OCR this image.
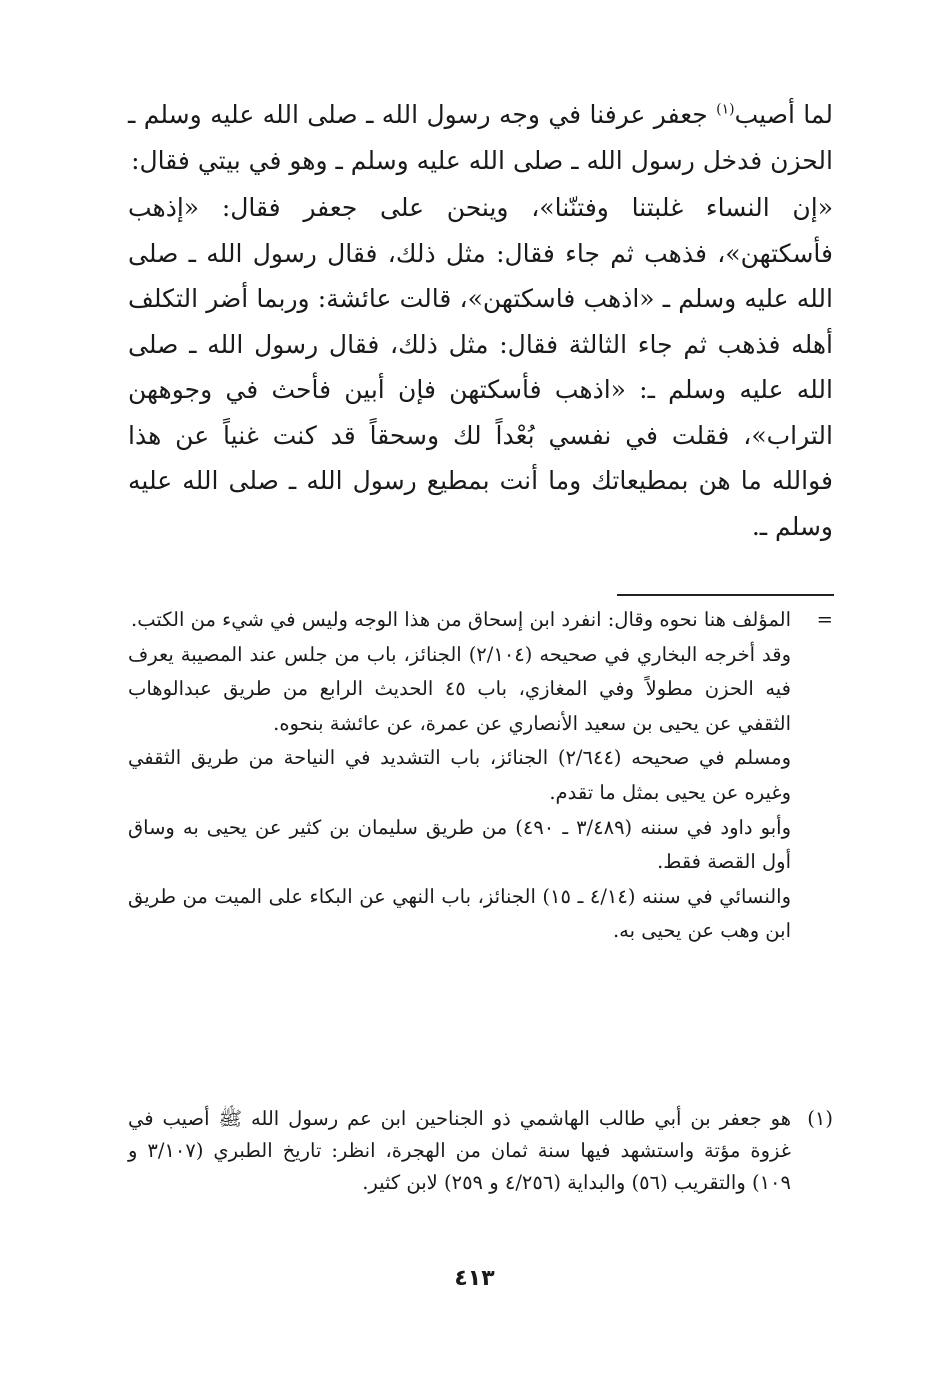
لما أصيب$^{(١)}$ جعفر عرفنا في وجه رسول الله ـ صلى الله عليه وسلم ـ الحزن فدخل رسول الله ـ صلى الله عليه وسلم ـ وهو في بيتي فقال:

«إن النساء غلبتنا وفتنّنا»، وينحن على جعفر فقال: «إذهب فأسكتهن»، فذهب ثم جاء فقال: مثل ذلك، فقال رسول الله ـ صلى الله عليه وسلم ـ «اذهب فاسكتهن»، قالت عائشة: وربما أضر التكلف أهله فذهب ثم جاء الثالثة فقال: مثل ذلك، فقال رسول الله ـ صلى الله عليه وسلم ـ: «اذهب فأسكتهن فإن أبين فأحث في وجوههن التراب»، فقلت في نفسي بُعْداً لك وسحقاً قد كنت غنياً عن هذا فوالله ما هن بمطيعاتك وما أنت بمطيع رسول الله ـ صلى الله عليه وسلم ـ.

=

المؤلف هنا نحوه وقال: انفرد ابن إسحاق من هذا الوجه وليس في شيء من الكتب.

وقد أخرجه البخاري في صحيحه (٢/١٠٤) الجنائز، باب من جلس عند المصيبة يعرف فيه الحزن مطولاً وفي المغازي، باب ٤٥ الحديث الرابع من طريق عبدالوهاب الثقفي عن يحيى بن سعيد الأنصاري عن عمرة، عن عائشة بنحوه.

ومسلم في صحيحه (٢/٦٤٤) الجنائز، باب التشديد في النياحة من طريق الثقفي وغيره عن يحيى بمثل ما تقدم.

وأبو داود في سننه (٣/٤٨٩ ـ ٤٩٠) من طريق سليمان بن كثير عن يحيى به وساق أول القصة فقط.

والنسائي في سننه (٤/١٤ ـ ١٥) الجنائز، باب النهي عن البكاء على الميت من طريق ابن وهب عن يحيى به.

(١)

هو جعفر بن أبي طالب الهاشمي ذو الجناحين ابن عم رسول الله ﷺ أصيب في غزوة مؤتة واستشهد فيها سنة ثمان من الهجرة، انظر: تاريخ الطبري (٣/١٠٧ و ١٠٩) والتقريب (٥٦) والبداية (٤/٢٥٦ و ٢٥٩) لابن كثير.

٤١٣
